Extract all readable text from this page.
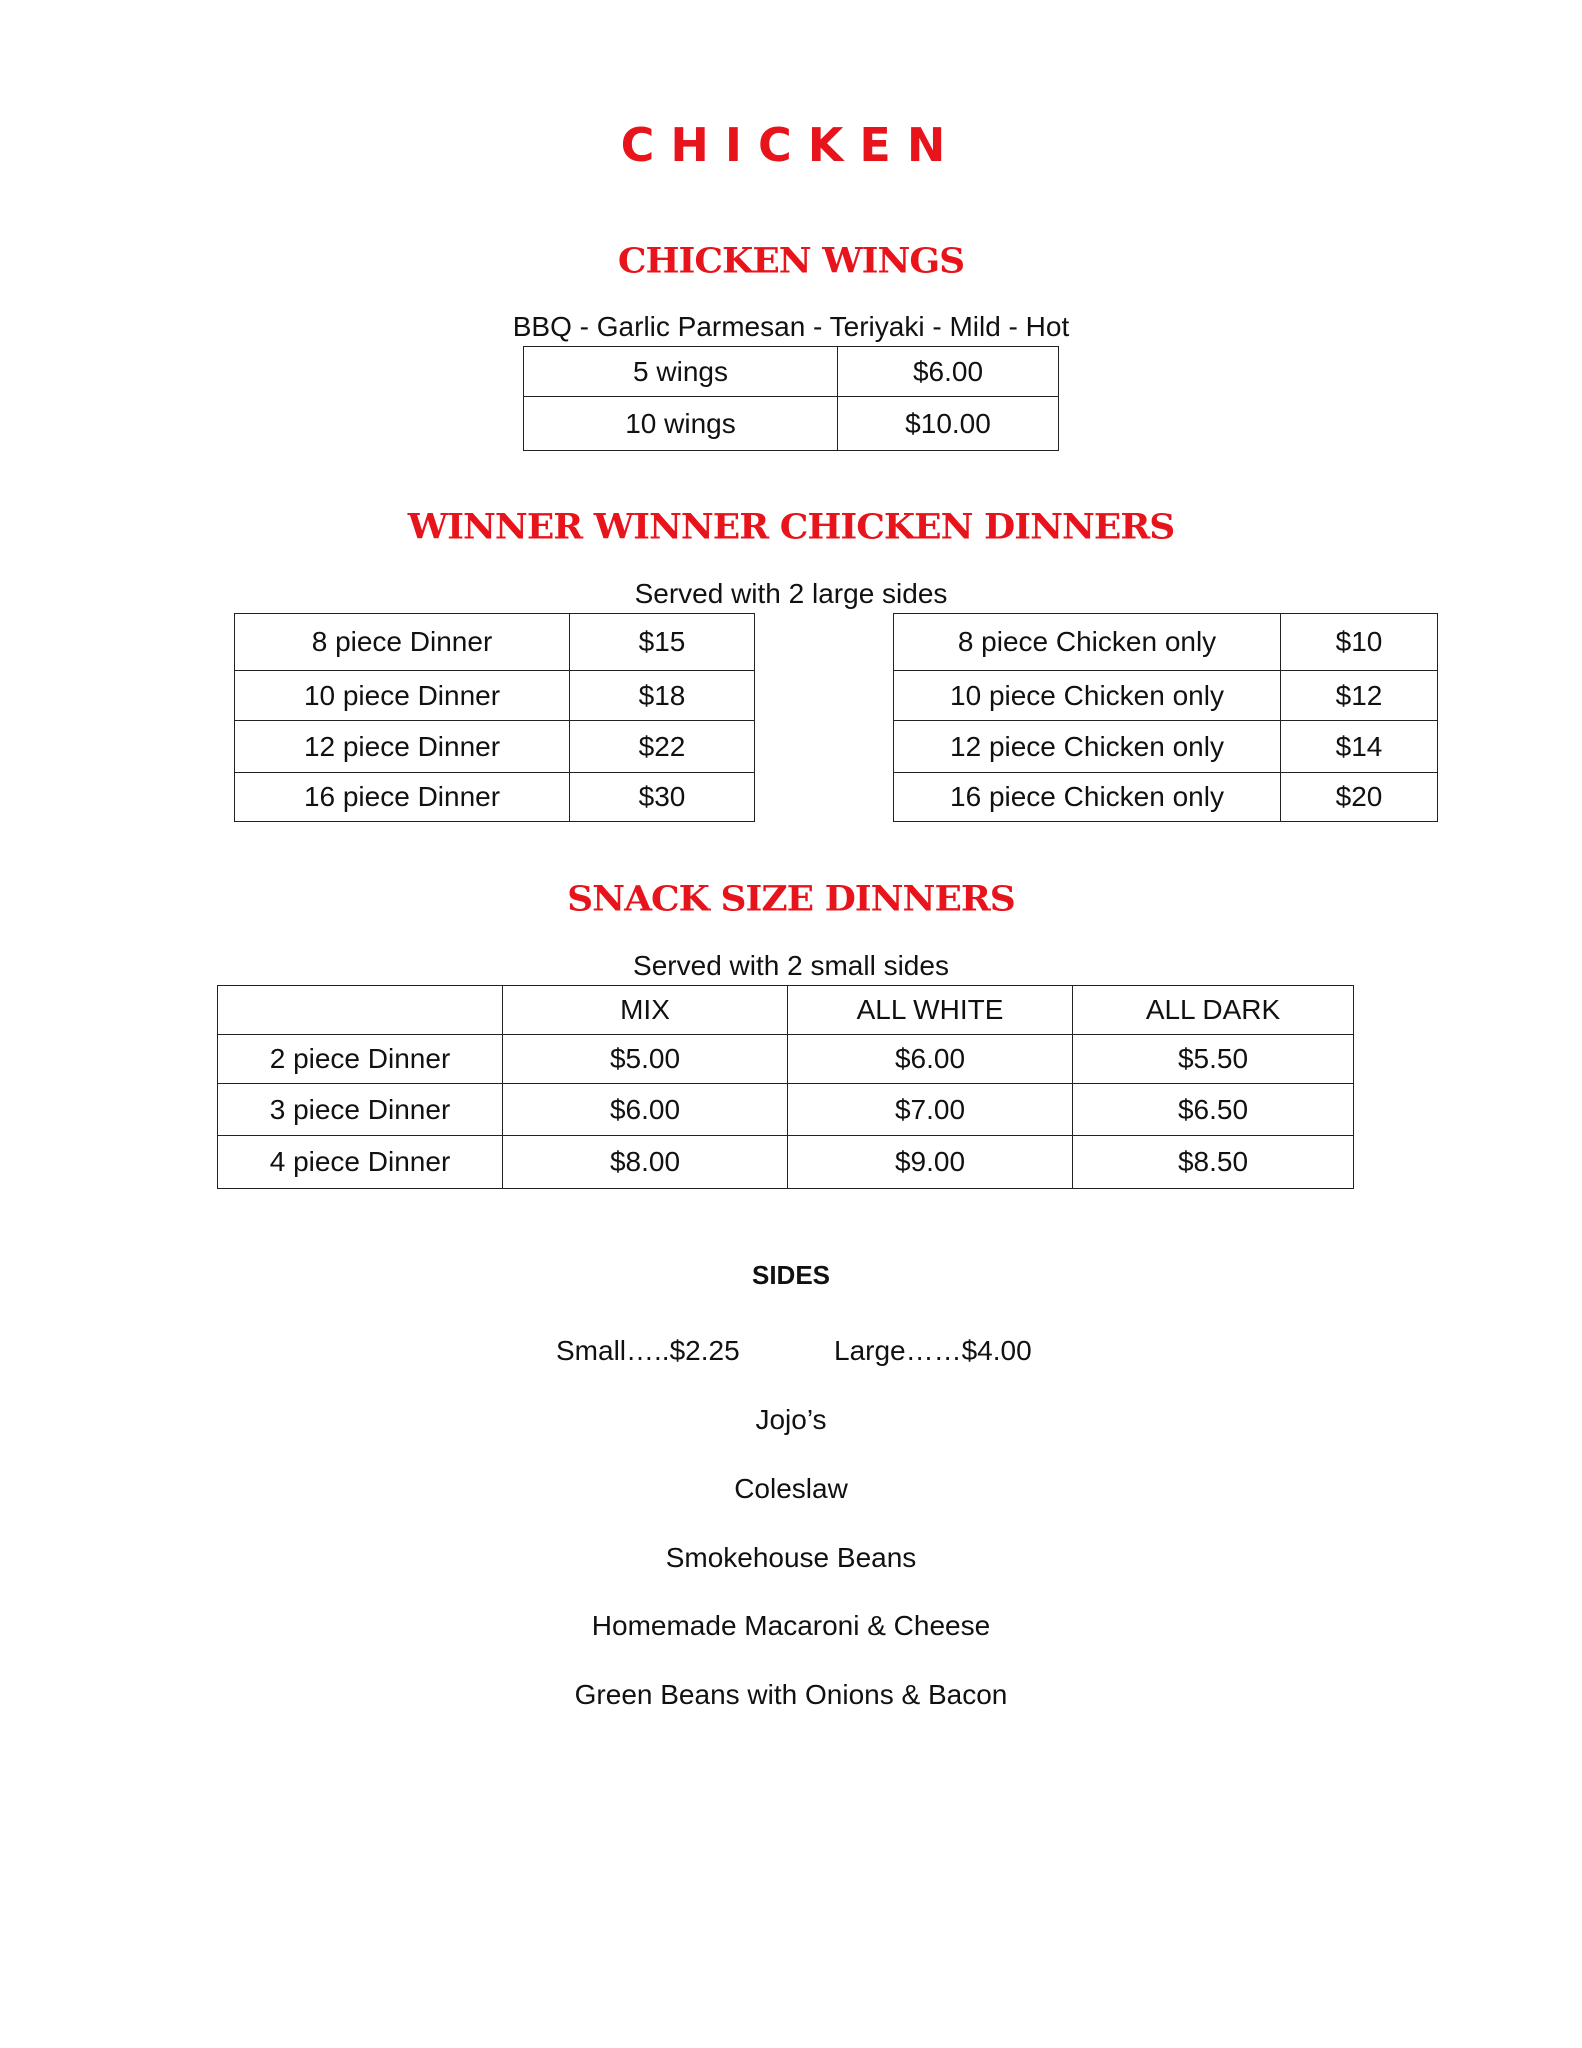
CHICKEN
CHICKEN WINGS
BBQ - Garlic Parmesan - Teriyaki - Mild - Hot
5 wings	$6.00
10 wings	$10.00
WINNER WINNER CHICKEN DINNERS
Served with 2 large sides
8 piece Dinner	$15
10 piece Dinner	$18
12 piece Dinner	$22
16 piece Dinner	$30
8 piece Chicken only	$10
10 piece Chicken only	$12
12 piece Chicken only	$14
16 piece Chicken only	$20
SNACK SIZE DINNERS
Served with 2 small sides
	MIX	ALL WHITE	ALL DARK
2 piece Dinner	$5.00	$6.00	$5.50
3 piece Dinner	$6.00	$7.00	$6.50
4 piece Dinner	$8.00	$9.00	$8.50
SIDES
Small…..$2.25	Large……$4.00
Jojo’s
Coleslaw
Smokehouse Beans
Homemade Macaroni & Cheese
Green Beans with Onions & Bacon
